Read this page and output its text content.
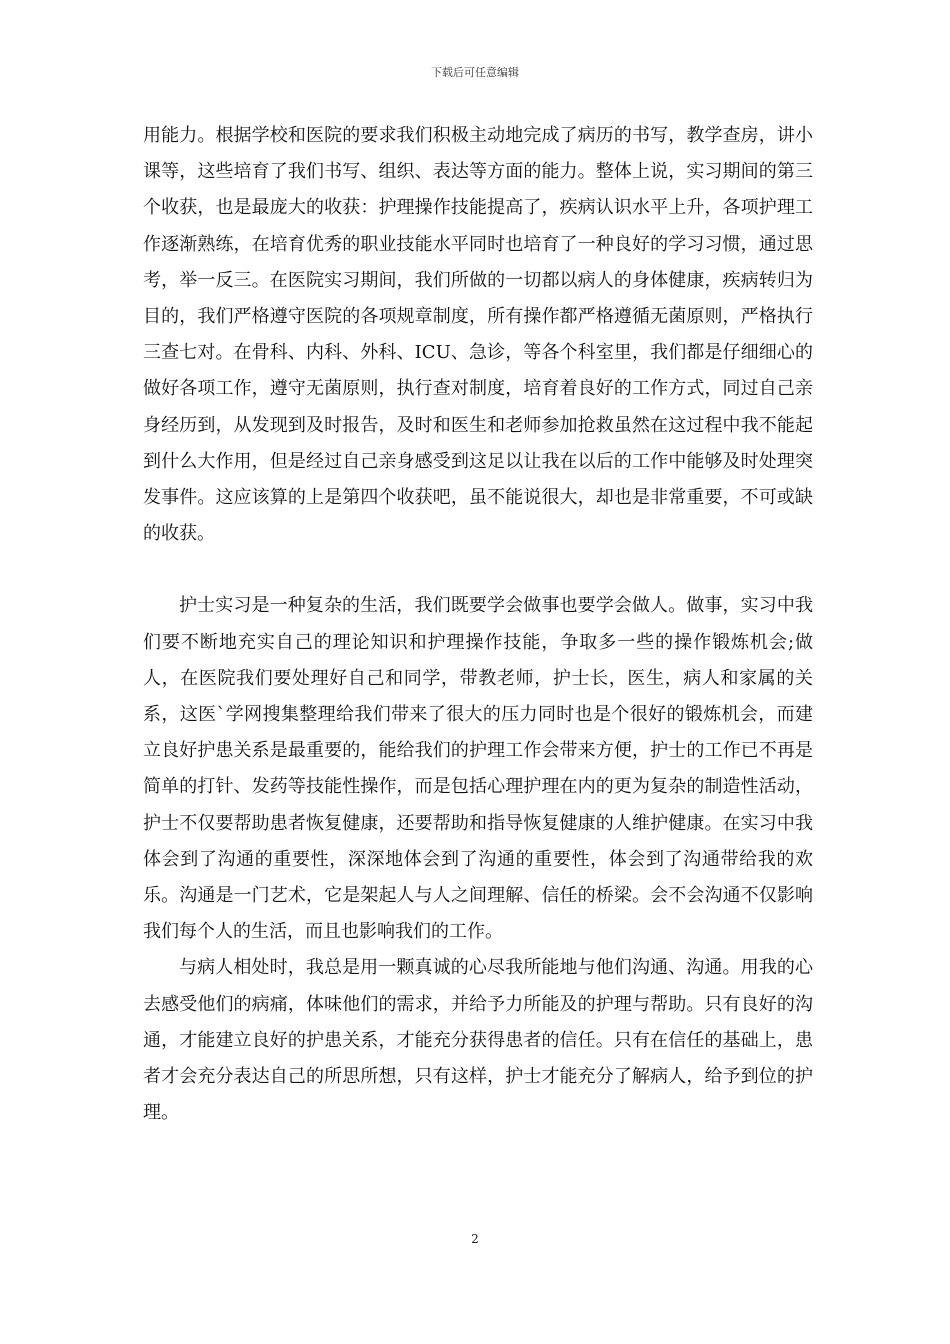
下载后可任意编辑

用能力。根据学校和医院的要求我们积极主动地完成了病历的书写，教学查房，讲小课等，这些培育了我们书写、组织、表达等方面的能力。整体上说，实习期间的第三个收获，也是最庞大的收获：护理操作技能提高了，疾病认识水平上升，各项护理工作逐渐熟练，在培育优秀的职业技能水平同时也培育了一种良好的学习习惯，通过思考，举一反三。在医院实习期间，我们所做的一切都以病人的身体健康，疾病转归为目的，我们严格遵守医院的各项规章制度，所有操作都严格遵循无菌原则，严格执行三查七对。在骨科、内科、外科、ICU、急诊，等各个科室里，我们都是仔细细心的做好各项工作，遵守无菌原则，执行查对制度，培育着良好的工作方式，同过自己亲身经历到，从发现到及时报告，及时和医生和老师参加抢救虽然在这过程中我不能起到什么大作用，但是经过自己亲身感受到这足以让我在以后的工作中能够及时处理突发事件。这应该算的上是第四个收获吧，虽不能说很大，却也是非常重要，不可或缺的收获。

护士实习是一种复杂的生活，我们既要学会做事也要学会做人。做事，实习中我们要不断地充实自己的理论知识和护理操作技能，争取多一些的操作锻炼机会;做人，在医院我们要处理好自己和同学，带教老师，护士长，医生，病人和家属的关系，这医`学网搜集整理给我们带来了很大的压力同时也是个很好的锻炼机会，而建立良好护患关系是最重要的，能给我们的护理工作会带来方便，护士的工作已不再是简单的打针、发药等技能性操作，而是包括心理护理在内的更为复杂的制造性活动，护士不仅要帮助患者恢复健康，还要帮助和指导恢复健康的人维护健康。在实习中我体会到了沟通的重要性，深深地体会到了沟通的重要性，体会到了沟通带给我的欢乐。沟通是一门艺术，它是架起人与人之间理解、信任的桥梁。会不会沟通不仅影响我们每个人的生活，而且也影响我们的工作。

与病人相处时，我总是用一颗真诚的心尽我所能地与他们沟通、沟通。用我的心去感受他们的病痛，体味他们的需求，并给予力所能及的护理与帮助。只有良好的沟通，才能建立良好的护患关系，才能充分获得患者的信任。只有在信任的基础上，患者才会充分表达自己的所思所想，只有这样，护士才能充分了解病人，给予到位的护理。

2
